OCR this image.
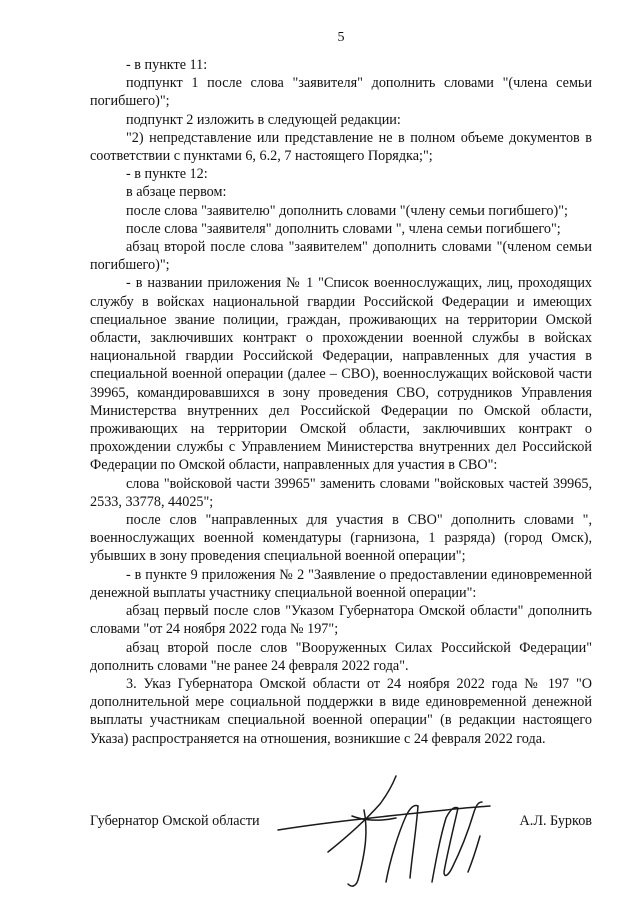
5

- в пункте 11:

подпункт 1 после слова "заявителя" дополнить словами "(члена семьи погибшего)";

подпункт 2 изложить в следующей редакции:

"2) непредставление или представление не в полном объеме документов в соответствии с пунктами 6, 6.2, 7 настоящего Порядка;";

- в пункте 12:

в абзаце первом:

после слова "заявителю" дополнить словами "(члену семьи погибшего)";

после слова "заявителя" дополнить словами ", члена семьи погибшего";

абзац второй после слова "заявителем" дополнить словами "(членом семьи погибшего)";

- в названии приложения № 1 "Список военнослужащих, лиц, проходящих службу в войсках национальной гвардии Российской Федерации и имеющих специальное звание полиции, граждан, проживающих на территории Омской области, заключивших контракт о прохождении военной службы в войсках национальной гвардии Российской Федерации, направленных для участия в специальной военной операции (далее – СВО), военнослужащих войсковой части 39965, командировавшихся в зону проведения СВО, сотрудников Управления Министерства внутренних дел Российской Федерации по Омской области, проживающих на территории Омской области, заключивших контракт о прохождении службы с Управлением Министерства внутренних дел Российской Федерации по Омской области, направленных для участия в СВО":

слова "войсковой части 39965" заменить словами "войсковых частей 39965, 2533, 33778, 44025";

после слов "направленных для участия в СВО" дополнить словами ", военнослужащих военной комендатуры (гарнизона, 1 разряда) (город Омск), убывших в зону проведения специальной военной операции";

- в пункте 9 приложения № 2 "Заявление о предоставлении единовременной денежной выплаты участнику специальной военной операции":

абзац первый после слов "Указом Губернатора Омской области" дополнить словами "от 24 ноября 2022 года № 197";

абзац второй после слов "Вооруженных Силах Российской Федерации" дополнить словами "не ранее 24 февраля 2022 года".

3. Указ Губернатора Омской области от 24 ноября 2022 года № 197 "О дополнительной мере социальной поддержки в виде единовременной денежной выплаты участникам специальной военной операции" (в редакции настоящего Указа) распространяется на отношения, возникшие с 24 февраля 2022 года.

Губернатор Омской области	А.Л. Бурков
